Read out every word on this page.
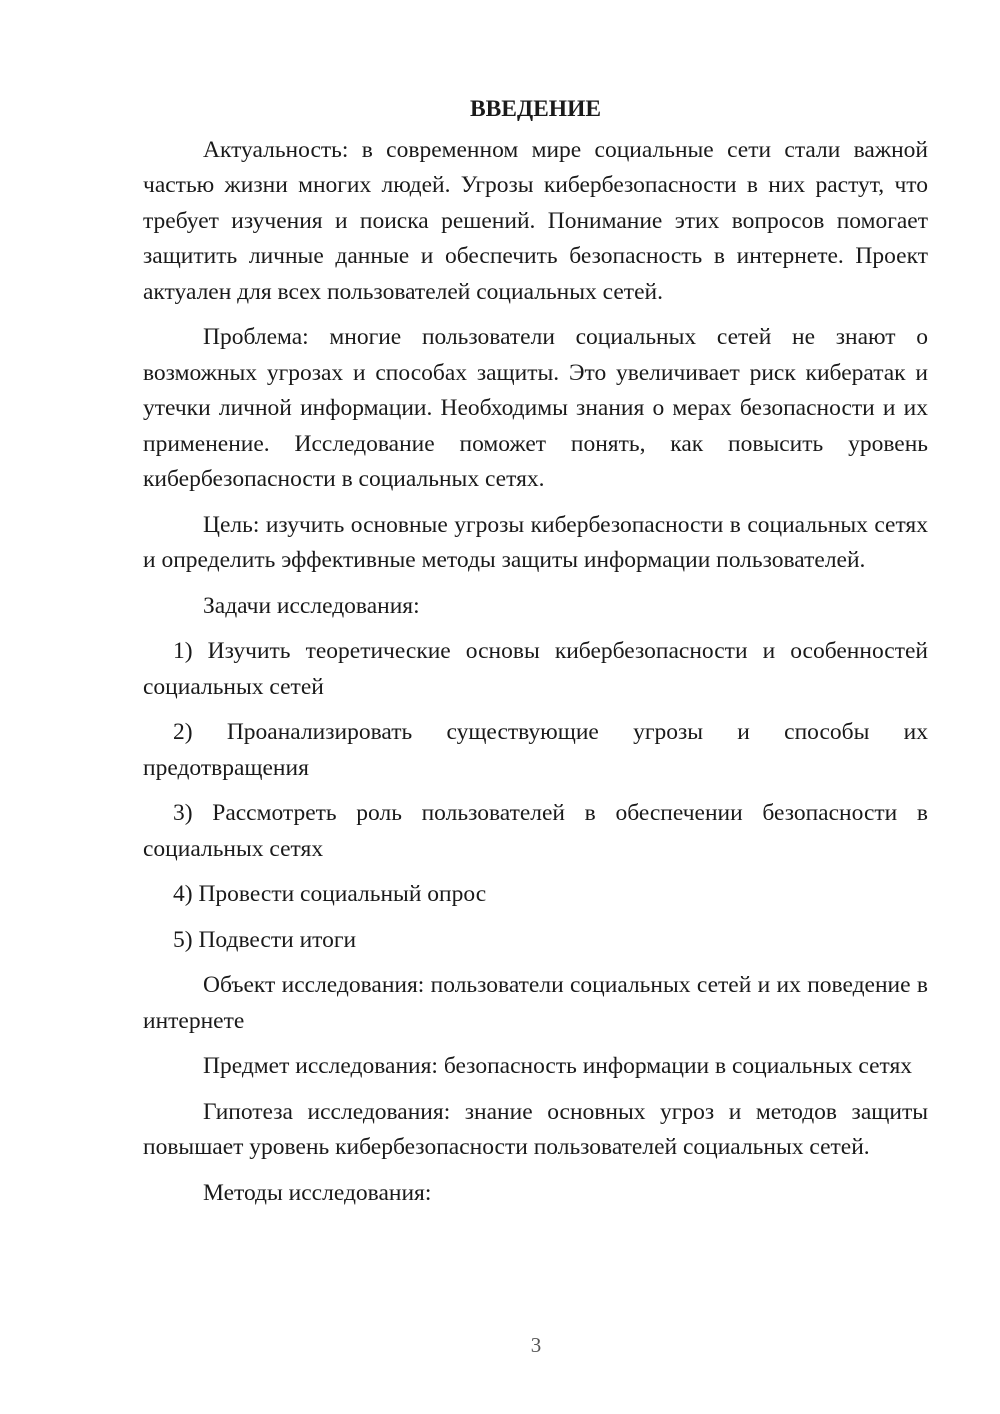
ВВЕДЕНИЕ

Актуальность: в современном мире социальные сети стали важной частью жизни многих людей. Угрозы кибербезопасности в них растут, что требует изучения и поиска решений. Понимание этих вопросов помогает защитить личные данные и обеспечить безопасность в интернете. Проект актуален для всех пользователей социальных сетей.

Проблема: многие пользователи социальных сетей не знают о возможных угрозах и способах защиты. Это увеличивает риск кибератак и утечки личной информации. Необходимы знания о мерах безопасности и их применение. Исследование поможет понять, как повысить уровень кибербезопасности в социальных сетях.

Цель: изучить основные угрозы кибербезопасности в социальных сетях и определить эффективные методы защиты информации пользователей.

Задачи исследования:

1) Изучить теоретические основы кибербезопасности и особенностей социальных сетей

2) Проанализировать существующие угрозы и способы их предотвращения

3) Рассмотреть роль пользователей в обеспечении безопасности в социальных сетях

4) Провести социальный опрос

5) Подвести итоги

Объект исследования: пользователи социальных сетей и их поведение в интернете

Предмет исследования: безопасность информации в социальных сетях

Гипотеза исследования: знание основных угроз и методов защиты повышает уровень кибербезопасности пользователей социальных сетей.

Методы исследования:

3
